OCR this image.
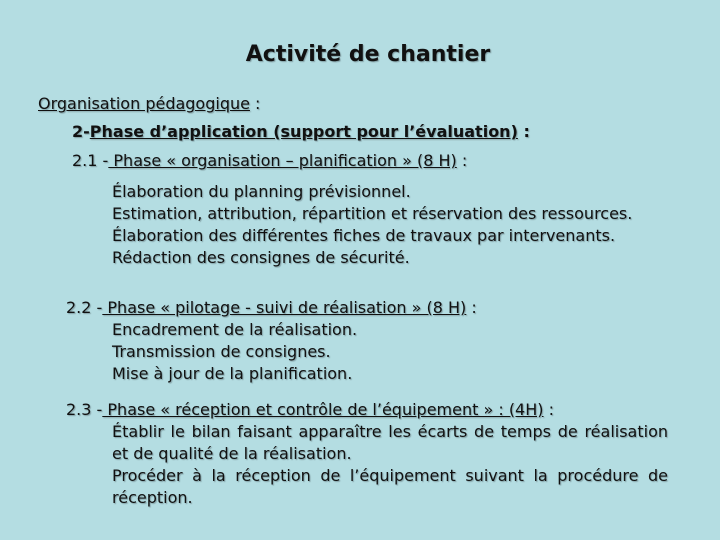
Activité de chantier
Organisation pédagogique :
2-Phase d’application (support pour l’évaluation) :
2.1 - Phase « organisation – planification » (8 H) :
Élaboration du planning prévisionnel.
Estimation, attribution, répartition et réservation des ressources.
Élaboration des différentes fiches de travaux par intervenants.
Rédaction des consignes de sécurité.
2.2 - Phase « pilotage - suivi de réalisation » (8 H) :
Encadrement de la réalisation.
Transmission de consignes.
Mise à jour de la planification.
2.3 - Phase « réception et contrôle de l’équipement » : (4H) :
Établir le bilan faisant apparaître les écarts de temps de réalisation et de qualité de la réalisation.
Procéder à la réception de l’équipement suivant la procédure de réception.
